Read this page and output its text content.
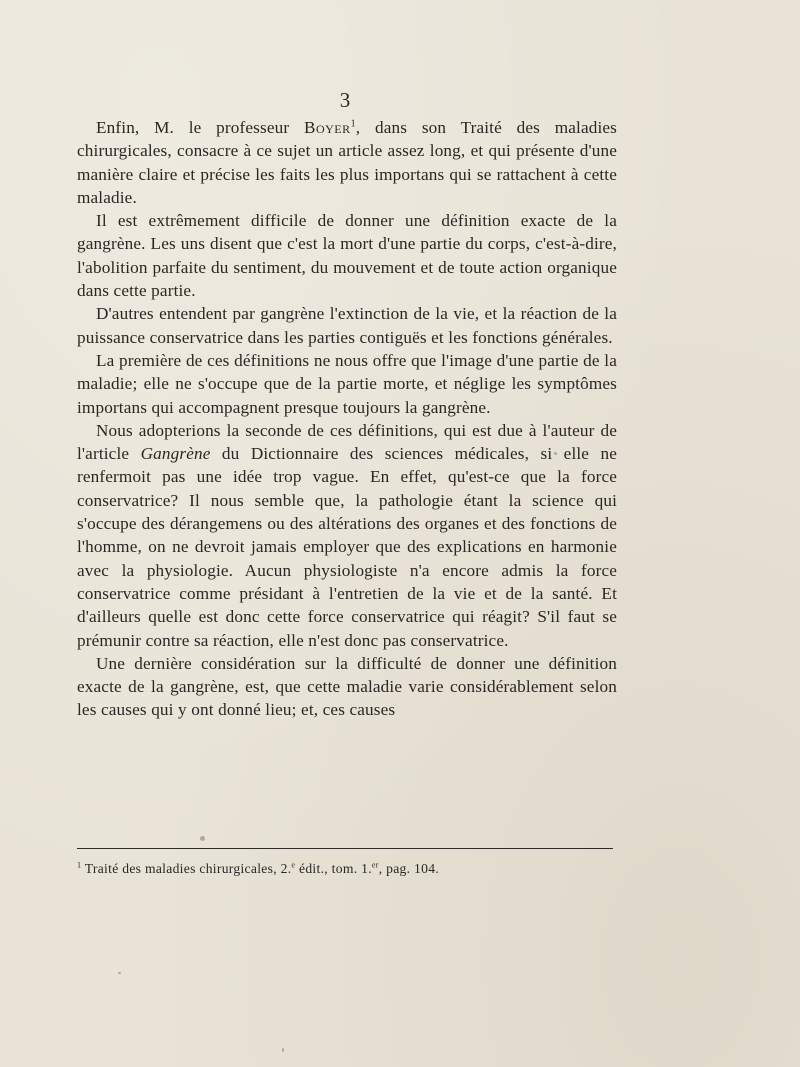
3

Enfin, M. le professeur Boyer$^1$, dans son Traité des maladies chirurgicales, consacre à ce sujet un article assez long, et qui présente d'une manière claire et précise les faits les plus importans qui se rattachent à cette maladie.

Il est extrêmement difficile de donner une définition exacte de la gangrène. Les uns disent que c'est la mort d'une partie du corps, c'est-à-dire, l'abolition parfaite du sentiment, du mouvement et de toute action organique dans cette partie.

D'autres entendent par gangrène l'extinction de la vie, et la réaction de la puissance conservatrice dans les parties contiguës et les fonctions générales.

La première de ces définitions ne nous offre que l'image d'une partie de la maladie; elle ne s'occupe que de la partie morte, et néglige les symptômes importans qui accompagnent presque toujours la gangrène.

Nous adopterions la seconde de ces définitions, qui est due à l'auteur de l'article Gangrène du Dictionnaire des sciences médicales, si elle ne renfermoit pas une idée trop vague. En effet, qu'est-ce que la force conservatrice? Il nous semble que, la pathologie étant la science qui s'occupe des dérangemens ou des altérations des organes et des fonctions de l'homme, on ne devroit jamais employer que des explications en harmonie avec la physiologie. Aucun physiologiste n'a encore admis la force conservatrice comme présidant à l'entretien de la vie et de la santé. Et d'ailleurs quelle est donc cette force conservatrice qui réagit? S'il faut se prémunir contre sa réaction, elle n'est donc pas conservatrice.

Une dernière considération sur la difficulté de donner une définition exacte de la gangrène, est, que cette maladie varie considérablement selon les causes qui y ont donné lieu; et, ces causes

$^1$ Traité des maladies chirurgicales, 2.$^e$ édit., tom. 1.$^{er}$, pag. 104.
